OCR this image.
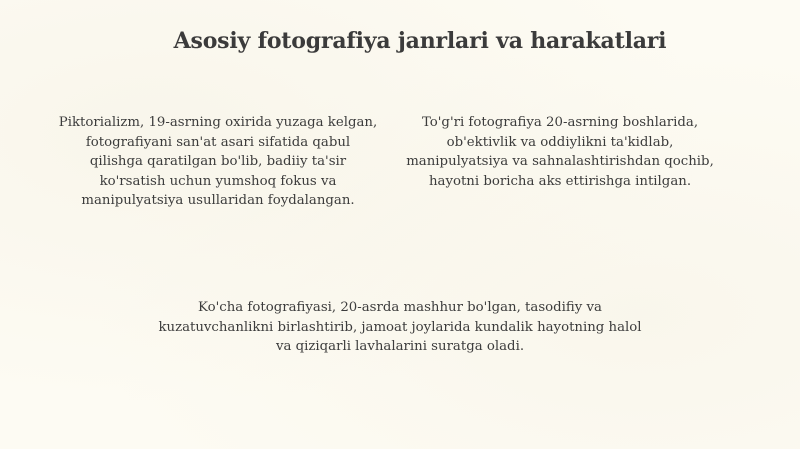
Asosiy fotografiya janrlari va harakatlari
Piktorializm, 19-asrning oxirida yuzaga kelgan, fotografiyani san'at asari sifatida qabul qilishga qaratilgan bo'lib, badiiy ta'sir ko'rsatish uchun yumshoq fokus va manipulyatsiya usullaridan foydalangan.
To'g'ri fotografiya 20-asrning boshlarida, ob'ektivlik va oddiylikni ta'kidlab, manipulyatsiya va sahnalashtirishdan qochib, hayotni boricha aks ettirishga intilgan.
Ko'cha fotografiyasi, 20-asrda mashhur bo'lgan, tasodifiy va kuzatuvchanlikni birlashtirib, jamoat joylarida kundalik hayotning halol va qiziqarli lavhalarini suratga oladi.
